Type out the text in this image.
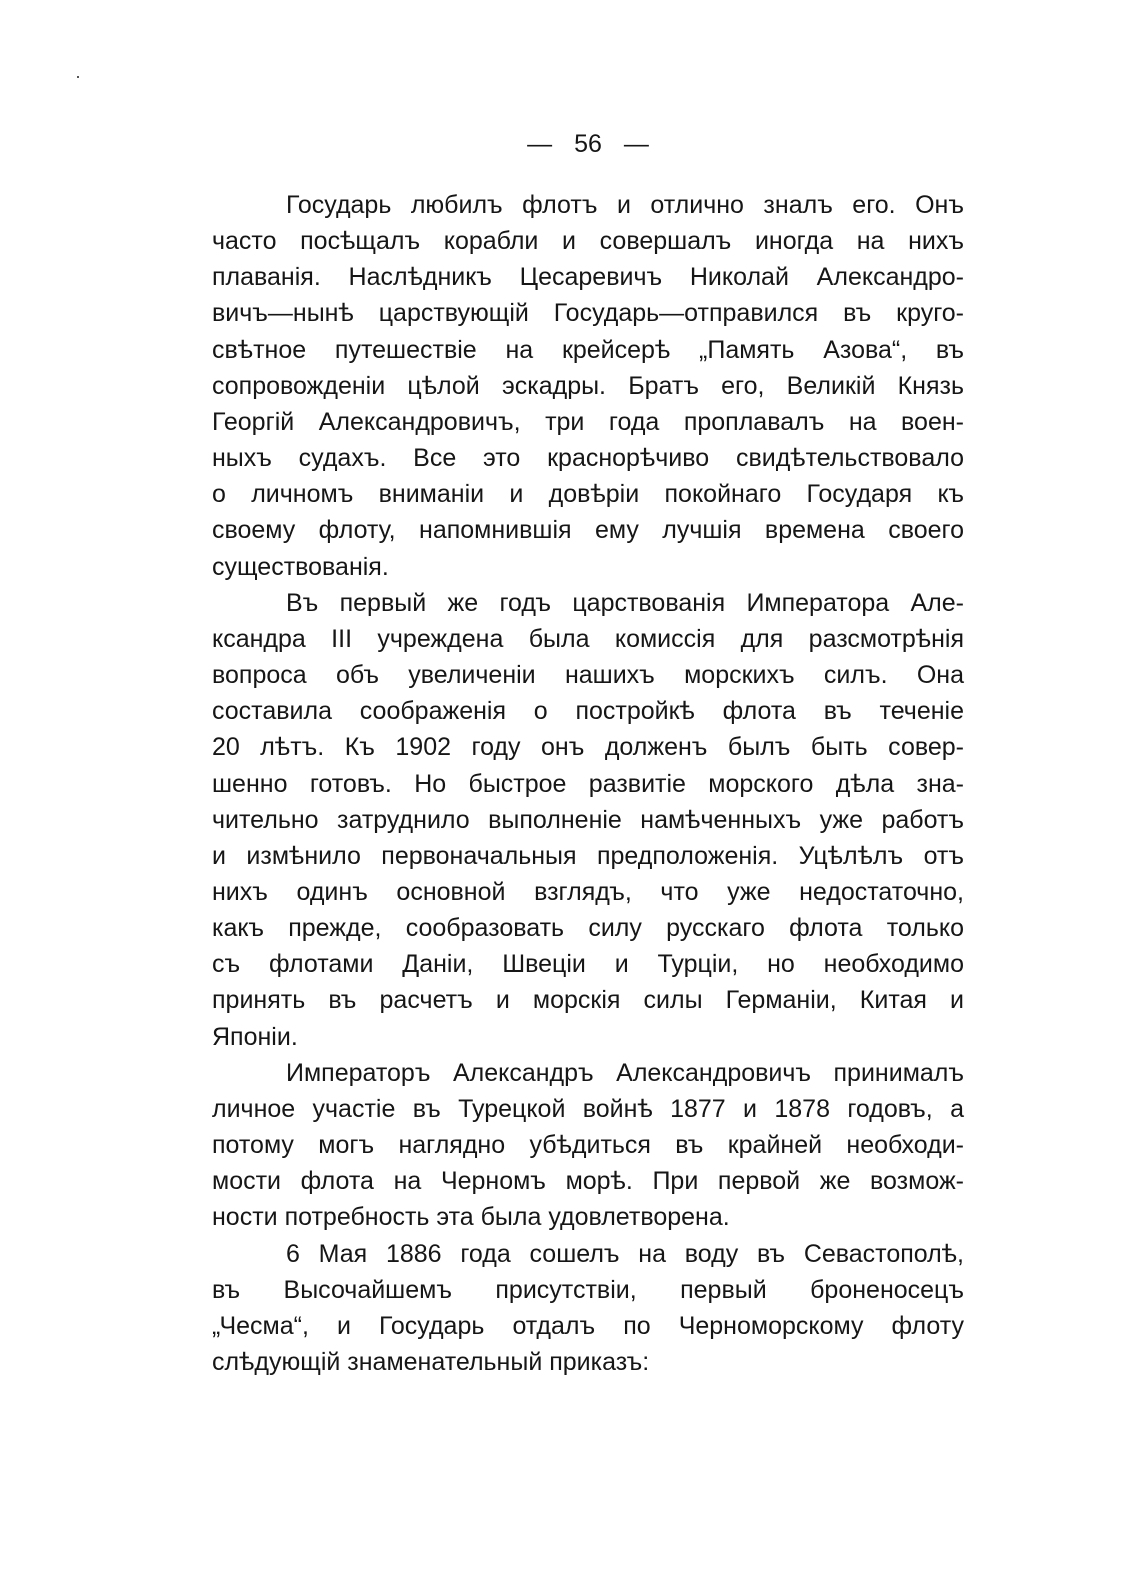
— 56 —

Государь любилъ флотъ и отлично зналъ его. Онъ
часто посѣщалъ корабли и совершалъ иногда на нихъ
плаванія. Наслѣдникъ Цесаревичъ Николай Александро-
вичъ—нынѣ царствующій Государь—отправился въ круго-
свѣтное путешествіе на крейсерѣ „Память Азова“, въ
сопровожденіи цѣлой эскадры. Братъ его, Великій Князь
Георгій Александровичъ, три года проплавалъ на воен-
ныхъ судахъ. Все это краснорѣчиво свидѣтельствовало
о личномъ вниманіи и довѣріи покойнаго Государя къ
своему флоту, напомнившія ему лучшія времена своего
существованія.

Въ первый же годъ царствованія Императора Але-
ксандра III учреждена была комиссія для разсмотрѣнія
вопроса объ увеличеніи нашихъ морскихъ силъ. Она
составила соображенія о постройкѣ флота въ теченіе
20 лѣтъ. Къ 1902 году онъ долженъ былъ быть совер-
шенно готовъ. Но быстрое развитіе морского дѣла зна-
чительно затруднило выполненіе намѣченныхъ уже работъ
и измѣнило первоначальныя предположенія. Уцѣлѣлъ отъ
нихъ одинъ основной взглядъ, что уже недостаточно,
какъ прежде, сообразовать силу русскаго флота только
съ флотами Даніи, Швеціи и Турціи, но необходимо
принять въ расчетъ и морскія силы Германіи, Китая и
Японіи.

Императоръ Александръ Александровичъ принималъ
личное участіе въ Турецкой войнѣ 1877 и 1878 годовъ, а
потому могъ наглядно убѣдиться въ крайней необходи-
мости флота на Черномъ морѣ. При первой же возмож-
ности потребность эта была удовлетворена.

6 Мая 1886 года сошелъ на воду въ Севастополѣ,
въ Высочайшемъ присутствіи, первый броненосецъ
„Чесма“, и Государь отдалъ по Черноморскому флоту
слѣдующій знаменательный приказъ:
